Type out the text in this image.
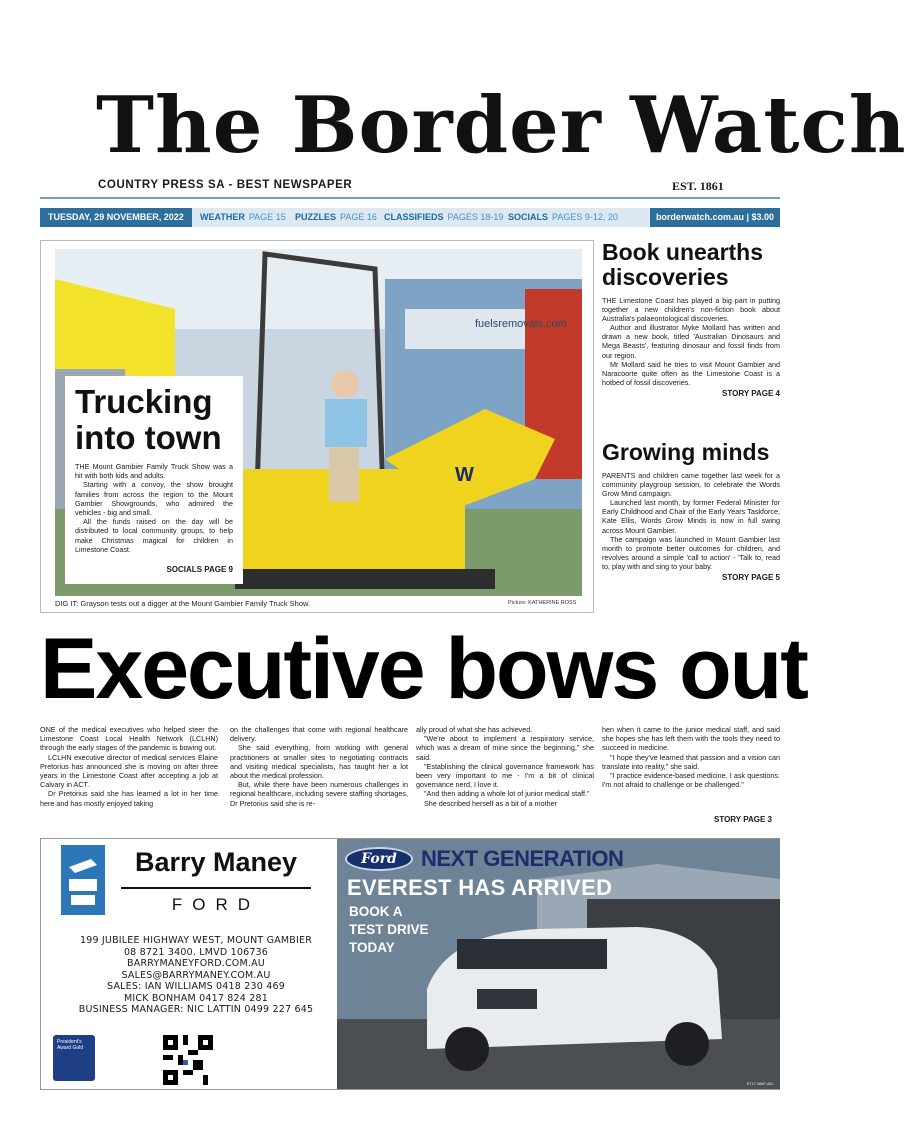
The Border Watch
COUNTRY PRESS SA - BEST NEWSPAPER	EST. 1861
TUESDAY, 29 NOVEMBER, 2022	WEATHER PAGE 15 PUZZLES PAGE 16 CLASSIFIEDS PAGES 18-19 SOCIALS PAGES 9-12, 20	borderwatch.com.au | $3.00
fuelsremovals.com
W
Trucking into town

THE Mount Gambier Family Truck Show was a hit with both kids and adults.

Starting with a convoy, the show brought families from across the region to the Mount Gambier Showgrounds, who admired the vehicles - big and small.

All the funds raised on the day will be distributed to local community groups, to help make Christmas magical for children in Limestone Coast.

SOCIALS PAGE 9
DIG IT: Grayson tests out a digger at the Mount Gambier Family Truck Show.	Picture: KATHERINE ROSS
Book unearths discoveries

THE Limestone Coast has played a big part in putting together a new children's non-fiction book about Australia's palaeontological discoveries.

Author and illustrator Myke Mollard has written and drawn a new book, titled 'Australian Dinosaurs and Mega Beasts', featuring dinosaur and fossil finds from our region.

Mr Mollard said he tries to visit Mount Gambier and Naracoorte quite often as the Limestone Coast is a hotbed of fossil discoveries.

STORY PAGE 4
Growing minds

PARENTS and children came together last week for a community playgroup session, to celebrate the Words Grow Mind campaign.

Launched last month, by former Federal Minister for Early Childhood and Chair of the Early Years Taskforce, Kate Ellis, Words Grow Minds is now in full swing across Mount Gambier.

The campaign was launched in Mount Gambier last month to promote better outcomes for children, and revolves around a simple 'call to action' - 'Talk to, read to, play with and sing to your baby.

STORY PAGE 5
Executive bows out

ONE of the medical executives who helped steer the Limestone Coast Local Health Network (LCLHN) through the early stages of the pandemic is bowing out.

LCLHN executive director of medical services Elaine Pretorius has announced she is moving on after three years in the Limestone Coast after accepting a job at Calvary in ACT.

Dr Pretorius said she has learned a lot in her time here and has mostly enjoyed taking

on the challenges that come with regional healthcare delivery.

She said everything, from working with general practitioners at smaller sites to negotiating contracts and visiting medical specialists, has taught her a lot about the medical profession.

But, while there have been numerous challenges in regional healthcare, including severe staffing shortages, Dr Pretorius said she is re-

ally proud of what she has achieved.

"We're about to implement a respiratory service, which was a dream of mine since the beginning," she said.

"Establishing the clinical governance framework has been very important to me - I'm a bit of clinical governance nerd, I love it.

"And then adding a whole lot of junior medical staff."

She described herself as a bit of a mother

hen when it came to the junior medical staff, and said she hopes she has left them with the tools they need to succeed in medicine.

"I hope they've learned that passion and a vision can translate into reality," she said.

"I practice evidence-based medicine. I ask questions. I'm not afraid to challenge or be challenged."

STORY PAGE 3
Barry Maney
FORD
199 JUBILEE HIGHWAY WEST, MOUNT GAMBIER
08 8721 3400. LMVD 106736
BARRYMANEYFORD.COM.AU
SALES@BARRYMANEY.COM.AU
SALES: IAN WILLIAMS 0418 230 469
MICK BONHAM 0417 824 281
BUSINESS MANAGER: NIC LATTIN 0499 227 645
President's Award Gold
Ford	NEXT GENERATION
EVEREST HAS ARRIVED
BOOK A
TEST DRIVE
TODAY
ST17-BMF-AD-
